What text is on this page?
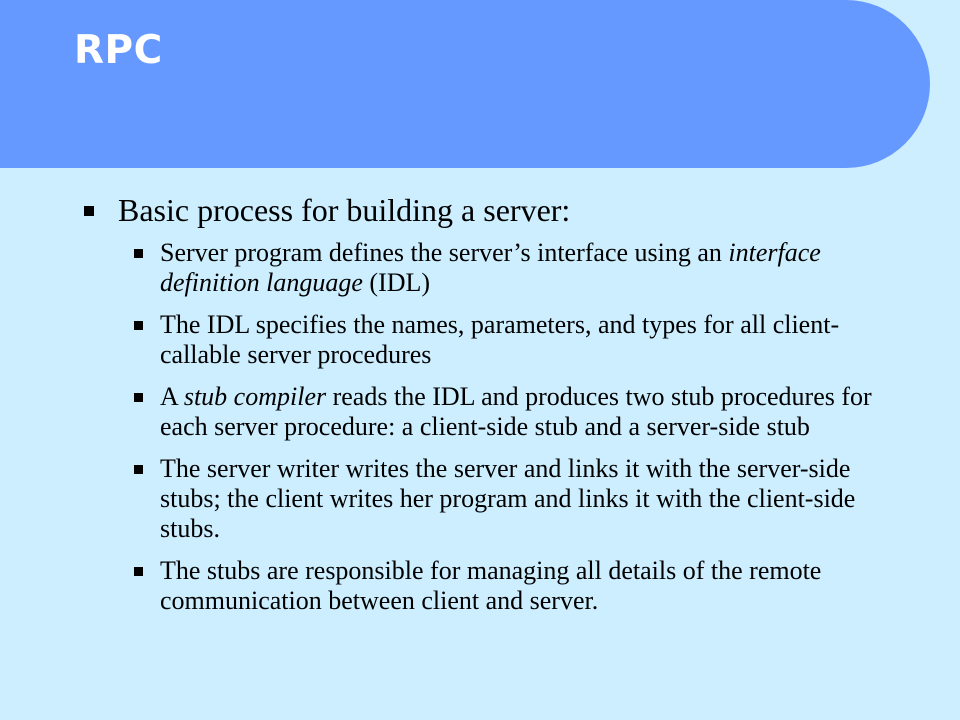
RPC
Basic process for building a server:
Server program defines the server’s interface using an interface definition language (IDL)
The IDL specifies the names, parameters, and types for all client-callable server procedures
A stub compiler reads the IDL and produces two stub procedures for each server procedure: a client-side stub and a server-side stub
The server writer writes the server and links it with the server-side stubs; the client writes her program and links it with the client-side stubs.
The stubs are responsible for managing all details of the remote communication between client and server.
